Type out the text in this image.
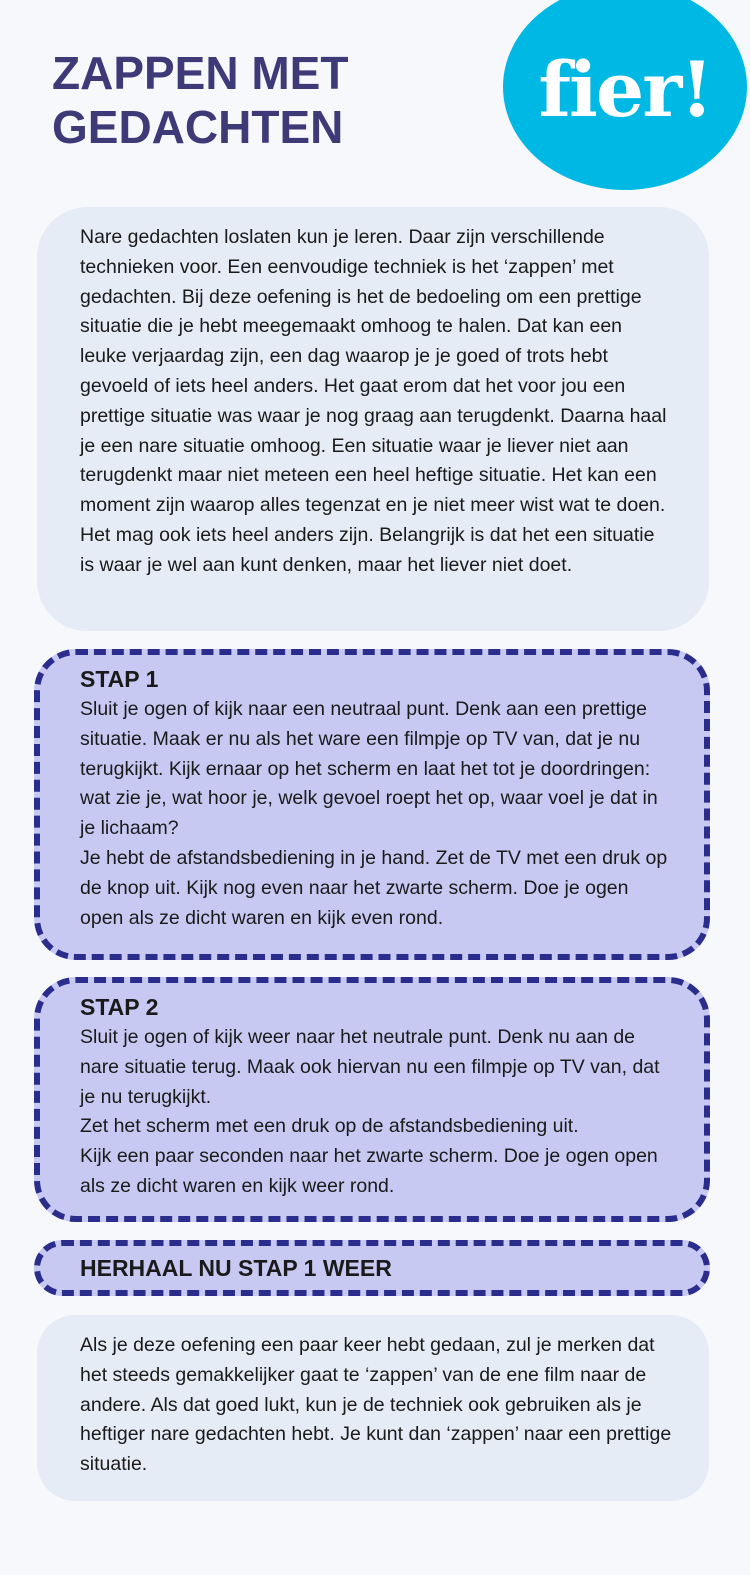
fier!
ZAPPEN MET
GEDACHTEN

Nare gedachten loslaten kun je leren. Daar zijn verschillende technieken voor. Een eenvoudige techniek is het ‘zappen’ met gedachten. Bij deze oefening is het de bedoeling om een prettige situatie die je hebt meegemaakt omhoog te halen. Dat kan een leuke verjaardag zijn, een dag waarop je je goed of trots hebt gevoeld of iets heel anders. Het gaat erom dat het voor jou een prettige situatie was waar je nog graag aan terugdenkt. Daarna haal je een nare situatie omhoog. Een situatie waar je liever niet aan terugdenkt maar niet meteen een heel heftige situatie. Het kan een moment zijn waarop alles tegenzat en je niet meer wist wat te doen. Het mag ook iets heel anders zijn. Belangrijk is dat het een situatie is waar je wel aan kunt denken, maar het liever niet doet.

STAP 1

Sluit je ogen of kijk naar een neutraal punt. Denk aan een prettige situatie. Maak er nu als het ware een filmpje op TV van, dat je nu terugkijkt. Kijk ernaar op het scherm en laat het tot je doordringen: wat zie je, wat hoor je, welk gevoel roept het op, waar voel je dat in je lichaam?

Je hebt de afstandsbediening in je hand. Zet de TV met een druk op de knop uit. Kijk nog even naar het zwarte scherm. Doe je ogen open als ze dicht waren en kijk even rond.

STAP 2

Sluit je ogen of kijk weer naar het neutrale punt. Denk nu aan de nare situatie terug. Maak ook hiervan nu een filmpje op TV van, dat je nu terugkijkt.

Zet het scherm met een druk op de afstandsbediening uit.

Kijk een paar seconden naar het zwarte scherm. Doe je ogen open als ze dicht waren en kijk weer rond.

HERHAAL NU STAP 1 WEER

Als je deze oefening een paar keer hebt gedaan, zul je merken dat het steeds gemakkelijker gaat te ‘zappen’ van de ene film naar de andere. Als dat goed lukt, kun je de techniek ook gebruiken als je heftiger nare gedachten hebt. Je kunt dan ‘zappen’ naar een prettige situatie.
